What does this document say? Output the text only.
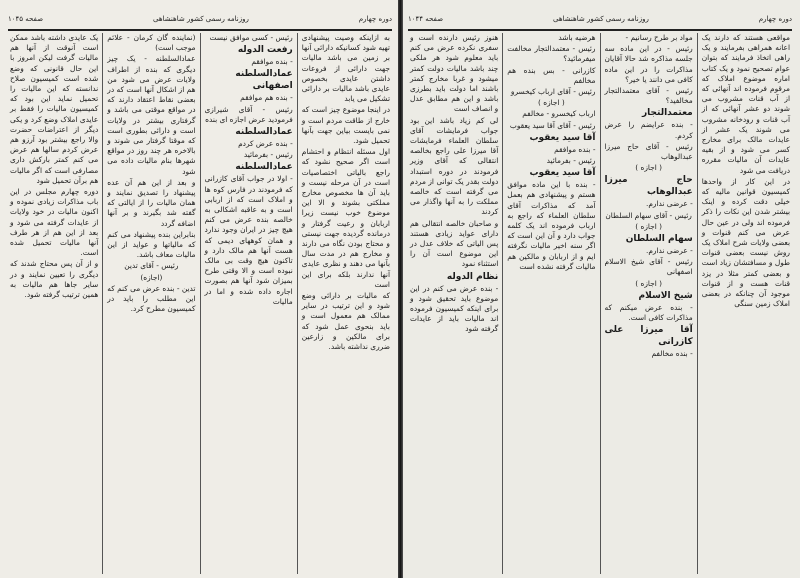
دوره چهارم
روزنامه رسمی کشور شاهنشاهی
صفحه ۱۰۴۵

به ازاینکه وصیت پیشنهادی تهیه شود کسانیکه دارائی آنها بر زمین می باشد مالیات جهت دارائی از فروعات داشتن عایدی بخصوص عایدی باشد مالیات بر دارائی تشکیل می یابد

در اینجا موضوع چیز است که خارج از طاقت مردم است و نمی بایست بیاین جهت بآنها تحمیل شود.

اول مسئله انتظام و احتشام است اگر صحیح نشود که راجع بالیاتی اختصاصیات است در آن مرحله نیست و باید آن ها مخصوص مخارج مملکتی بشوند و الا این موضوع خوب نیست زیرا اربابان و رعیت گرفتار و درمانده گردیده جهت نیستی و محتاج بودن نگاه می دارند و مخارج هم در مدت سال بآنها می دهند و نظری عایدی آنها ندارند بلکه برای این است

که مالیات بر دارائی وضع شود و این ترتیب در سایر ممالک هم معمول است و باید بنحوی عمل شود که برای مالکین و زارعین ضرری نداشته باشد.

رئیس - کسی موافق نیست

رفعت الدوله

- بنده موافقم

عمادالسلطنه اصفهانی

- بنده هم موافقم

رئیس - آقای شیرازی فرمودید عرض اجازه ای بنده

عمادالسلطنه

- بنده عرض کردم

رئیس - بفرمائید

عمادالسلطنه

- اولا در جواب آقای کازرانی که فرمودند در فارس کوه ها و املاک است که از اربابی است و به عاقبه اشکالی به خالصه بنده عرض می کنم هیچ چیز در ایران وجود ندارد و همان کوههای دیمی که هست آنها هم مالک دارد و تاکنون هیچ وقت بی مالک نبوده است و الا وقتی طرح بمیزان شود آنها هم بصورت اجاره داده شده و اما در مالیات

(نماینده گان کرمان - علائم موجب است)

عمادالسلطنه - یک چیز دیگری که بنده از اطراف ولایات عرض می شود من هم از اشکال آنها است که در بعضی نقاط اعتقاد دارند که در مواقع موقتی می باشد و گرفتاری بیشتر در ولایات است و دارائی بطوری است که موقتا گرفتار می شوند و بالاخره هر چند روز در مواقع شهرها بنام مالیات داده می شود

و بعد از این هم آن عده پیشنهاد را تصدیق نمایند و همان مالیات را از ایالتی که گفته شد بگیرند و بر آنها اضافه گردد

بنابراین بنده پیشنهاد می کنم که مالیاتها و عواید از این مالیات معاف باشد.

رئیس - آقای تدین

(اجازه)

تدین - بنده عرض می کنم که این مطلب را باید در کمیسیون مطرح کرد.

یک عایدی داشته باشد ممکن است آنوقت از آنها هم مالیات گرفت لیکن امروز با این حال قانونی که وضع شده است کمیسیون صلاح ندانسته که این مالیات را تحمیل نماید این بود که کمیسیون مالیات را فقط بر عایدی املاک وضع کرد و یکی دیگر از اعتراضات حضرت والا راجع بیشتر بود آرزو هم عرض کردم سالها هم عرض می کنم کمتر بارکش داری مصارفی است که اگر مالیات هم برآن تحمیل شود

دوره چهارم مجلس در این باب مذاکرات زیادی نموده و اکنون مالیات در خود ولایات از عایدات گرفته می شود و بعد از این هم از هر طرف آنها مالیات تحمیل شده است.

و از آن پس محتاج شدند که دیگری را تعیین نمایند و در سایر جاها هم مالیات به همین ترتیب گرفته شود.

دوره چهارم
روزنامه رسمی کشور شاهنشاهی
صفحه ۱۰۴۴

مواقعی هستند که دارند یک اعانه همراهی بفرمایند و یک راهی اتخاذ فرمایند که بتوان عوام تصحیح نمود و یک کتاب اماره موضوع املاک که مرقوم فرموده اند آنهائی که از آب قنات مشروب می شوند دو عشر آنهائی که از آب قنات و رودخانه مشروب می شوند یک عشر از عایدات مالک برای مخارج کسر می شود و از بقیه عایدات آن مالیات مقرره دریافت می شود

در این کار از واحدها کمیسیون قوانین مالیه که خیلی دقت کرده و اینک بیشتر شدن این نکات را ذکر فرموده اند ولی در عین حال عرض می کنم قنوات و بعضی ولایات شرح املاک یک روش نیست بعضی قنوات طول و مسافتشان زیاد است و بعضی کمتر مثلا در یزد قنات هست و از قنوات موجود آن چنانکه در بعضی املاک زمین سنگی

مواد بر طرح رسانیم -

رئیس - در این ماده سه جلسه مذاکره شد حالا آقایان مذاکرات را در این ماده کافی می دانند یا خیر؟

رئیس - آقای معتمدالتجار مخالفید؟

معتمدالتجار

- بنده عرایضم را عرض کردم.

رئیس - آقای حاج میرزا عبدالوهاب

( اجازه )

حاج میرزا عبدالوهاب

- عرضی ندارم.

رئیس - آقای سهام السلطان

( اجازه )

سهام السلطان

- عرضی ندارم.

رئیس - آقای شیخ الاسلام اصفهانی

( اجازه )

شیخ الاسلام

- بنده عرض میکنم که مذاکرات کافی است.

آقا میرزا علی کازرانی

- بنده مخالفم

هرضیه باشد

رئیس - معتمدالتجار مخالفت میفرمائید؟

کازرانی - بس بنده هم مخالفم

رئیس - آقای ارباب کیخسرو

( اجازه )

ارباب کیخسرو - مخالفم

رئیس - آقای آقا سید یعقوب

آقا سید یعقوب

- بنده موافقم

رئیس - بفرمائید

آقا سید یعقوب

- بنده با این ماده موافق هستم و پیشنهادی هم بعمل آمد که مذاکرات آقای سلطان العلماء که راجع به ارباب فرموده اند یک کلمه جواب دارد و آن این است که اگر سنه اخیر مالیات نگرفته ایم و از اربابان و مالکین هم مالیات گرفته نشده است

هنوز رئیس دارنده است و سفری نکرده عرض می کنم باید معلوم شود هر ملکی چند باشد مالیات دولت کمتر میشود و غربا مخارج کمتر باشند اما دولت باید بطرزی باشد و این هم مطابق عدل و انصاف است

لی کم زیاد باشد این بود جواب فرمایشات آقای سلطان العلماء فرمایشات آقا میرزا علی راجع بخالصه انتقالی که آقای وزیر فرمودند در دوره استبداد دولت بقدر یک توانی از مردم می گرفته است که خالصه مملکت را به آنها واگذار می کردند

و صاحبان خالصه انتقالی هم دارای عواید زیادی هستند پس الیاتی که خلاف عدل در این موضوع است آن را استثناء نمود

نظام الدوله

- بنده عرض می کنم در این موضوع باید تحقیق شود و برای اینکه کمیسیون فرموده اند مالیات باید از عایدات گرفته شود
